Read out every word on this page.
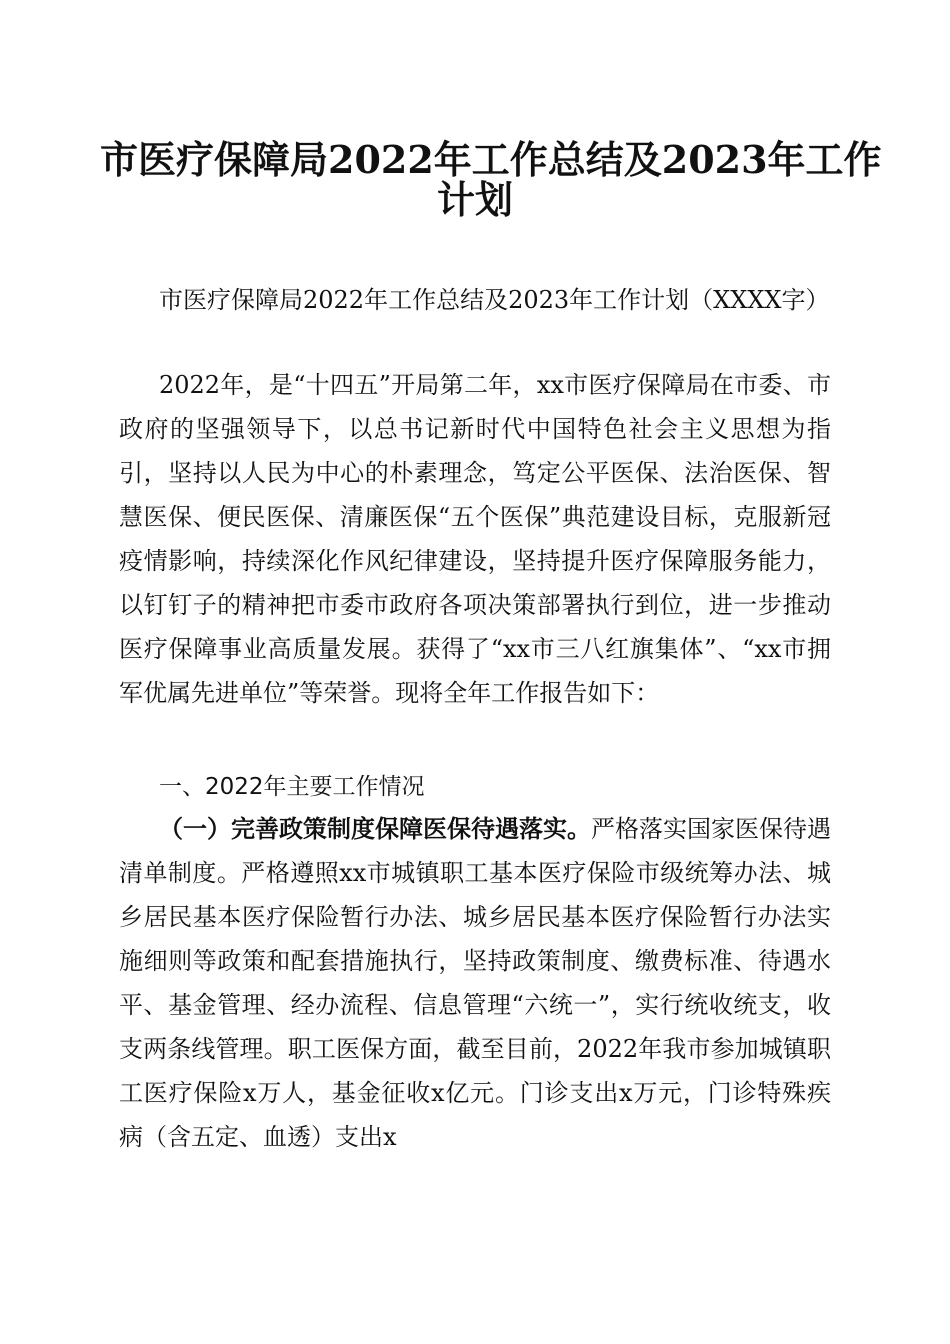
市医疗保障局2022年工作总结及2023年工作
计划

市医疗保障局2022年工作总结及2023年工作计划（XXXX字）

2022年，是“十四五”开局第二年，xx市医疗保障局在市委、市政府的坚强领导下，以总书记新时代中国特色社会主义思想为指引，坚持以人民为中心的朴素理念，笃定公平医保、法治医保、智慧医保、便民医保、清廉医保“五个医保”典范建设目标，克服新冠疫情影响，持续深化作风纪律建设，坚持提升医疗保障服务能力，以钉钉子的精神把市委市政府各项决策部署执行到位，进一步推动医疗保障事业高质量发展。获得了“xx市三八红旗集体”、“xx市拥军优属先进单位”等荣誉。现将全年工作报告如下：

一、2022年主要工作情况

（一）完善政策制度保障医保待遇落实。严格落实国家医保待遇清单制度。严格遵照xx市城镇职工基本医疗保险市级统筹办法、城乡居民基本医疗保险暂行办法、城乡居民基本医疗保险暂行办法实施细则等政策和配套措施执行，坚持政策制度、缴费标准、待遇水平、基金管理、经办流程、信息管理“六统一”，实行统收统支，收支两条线管理。职工医保方面，截至目前，2022年我市参加城镇职工医疗保险x万人，基金征收x亿元。门诊支出x万元，门诊特殊疾病（含五定、血透）支出x
